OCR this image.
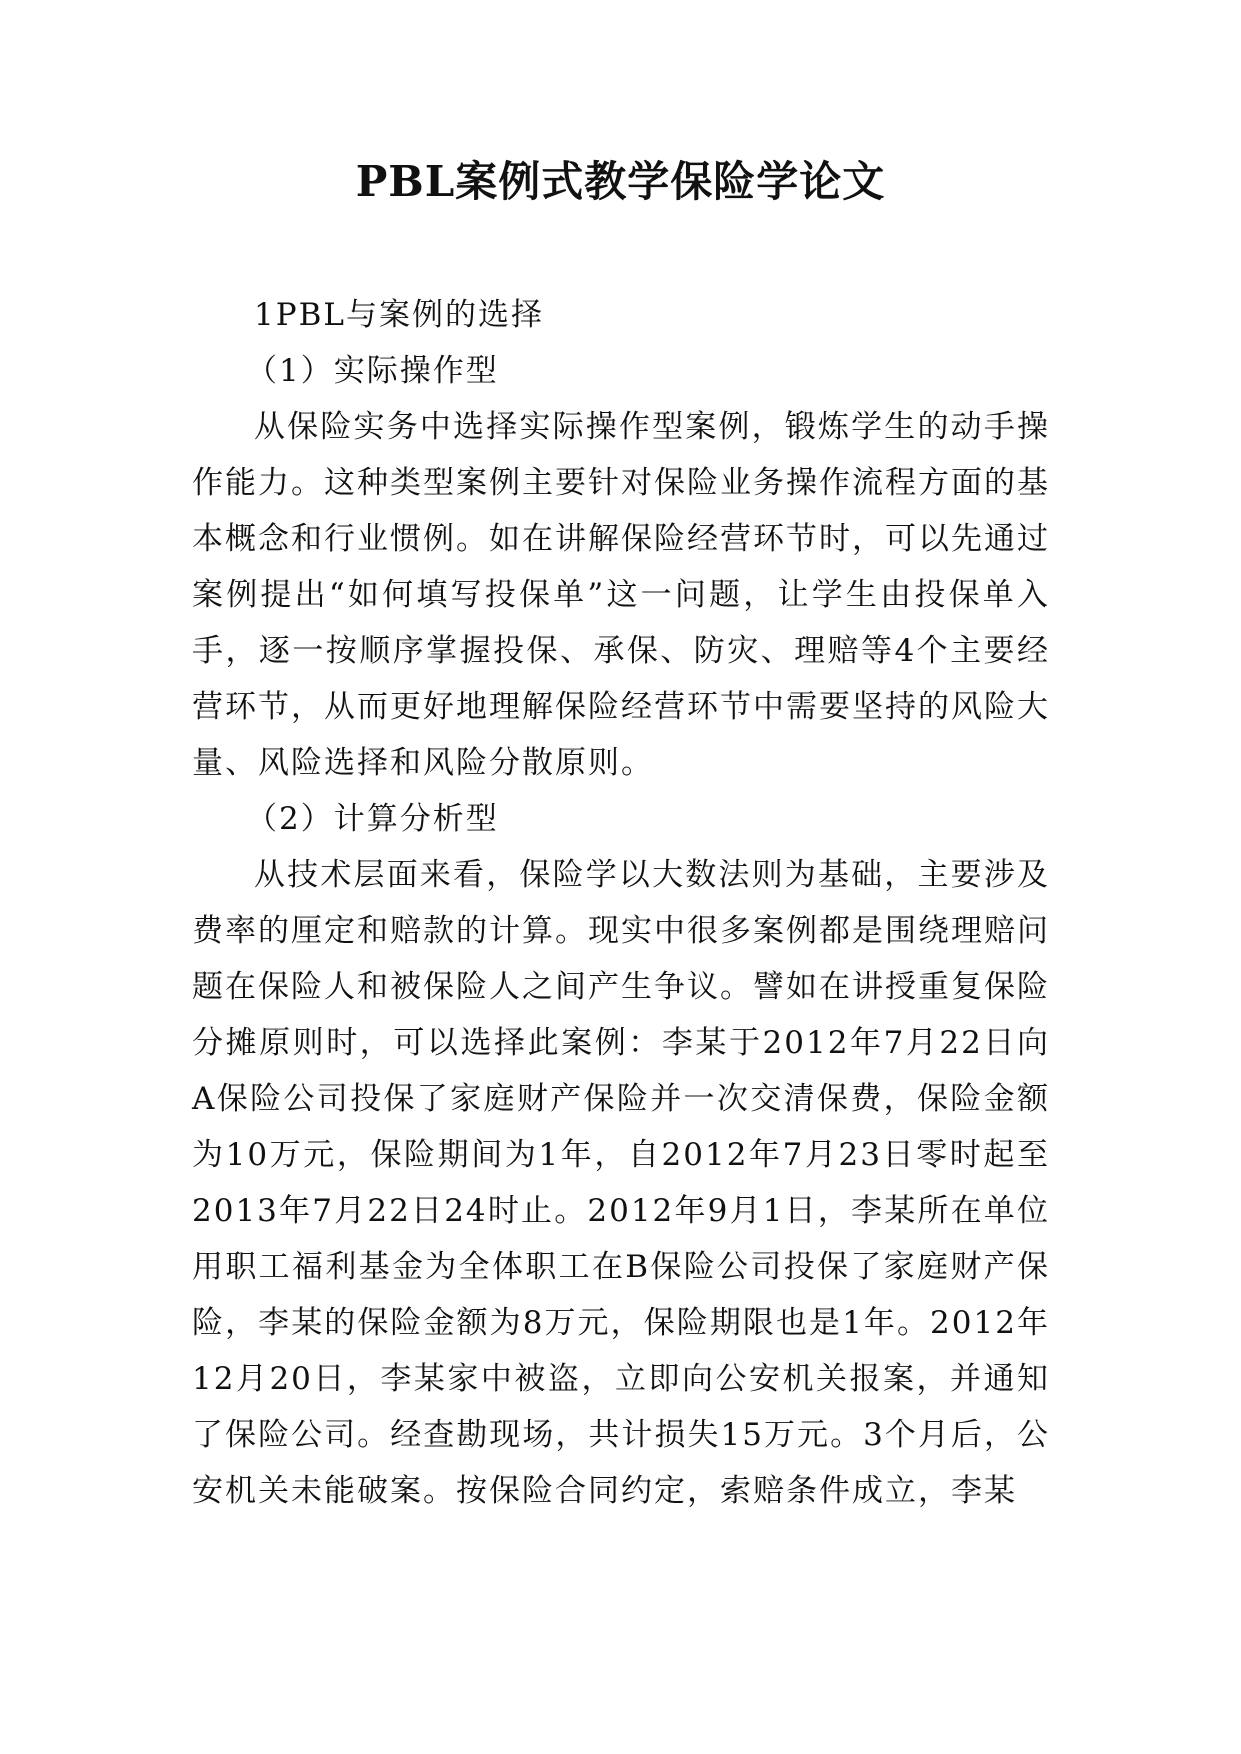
PBL案例式教学保险学论文

1PBL与案例的选择

（1）实际操作型

从保险实务中选择实际操作型案例，锻炼学生的动手操作能力。这种类型案例主要针对保险业务操作流程方面的基本概念和行业惯例。如在讲解保险经营环节时，可以先通过案例提出“如何填写投保单”这一问题，让学生由投保单入手，逐一按顺序掌握投保、承保、防灾、理赔等4个主要经营环节，从而更好地理解保险经营环节中需要坚持的风险大量、风险选择和风险分散原则。

（2）计算分析型

从技术层面来看，保险学以大数法则为基础，主要涉及费率的厘定和赔款的计算。现实中很多案例都是围绕理赔问题在保险人和被保险人之间产生争议。譬如在讲授重复保险分摊原则时，可以选择此案例：李某于2012年7月22日向A保险公司投保了家庭财产保险并一次交清保费，保险金额为10万元，保险期间为1年，自2012年7月23日零时起至2013年7月22日24时止。2012年9月1日，李某所在单位用职工福利基金为全体职工在B保险公司投保了家庭财产保险，李某的保险金额为8万元，保险期限也是1年。2012年12月20日，李某家中被盗，立即向公安机关报案，并通知了保险公司。经查勘现场，共计损失15万元。3个月后，公安机关未能破案。按保险合同约定，索赔条件成立，李某
